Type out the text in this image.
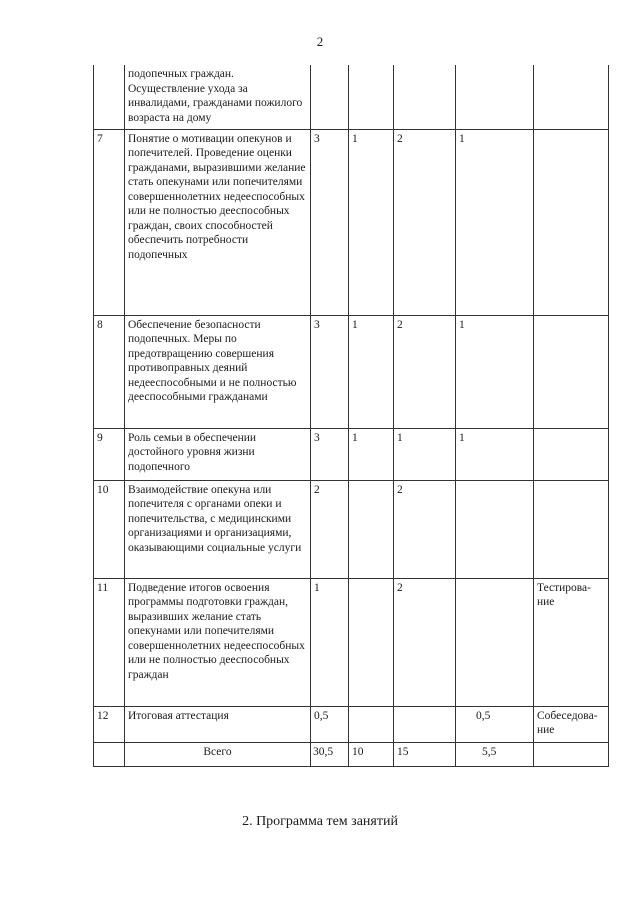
2
	подопечных граждан. Осуществление ухода за инвалидами, гражданами пожилого возраста на дому					
7	Понятие о мотивации опекунов и попечителей. Проведение оценки гражданами, выразившими желание стать опекунами или попечителями совершеннолетних недееспособных или не полностью дееспособных граждан, своих способностей обеспечить потребности подопечных	3	1	2	1	
8	Обеспечение безопасности подопечных. Меры по предотвращению совершения противоправных деяний недееспособными и не полностью дееспособными гражданами	3	1	2	1	
9	Роль семьи в обеспечении достойного уровня жизни подопечного	3	1	1	1	
10	Взаимодействие опекуна или попечителя с органами опеки и попечительства, с медицинскими организациями и организациями, оказывающими социальные услуги	2		2		
11	Подведение итогов освоения программы подготовки граждан, выразивших желание стать опекунами или попечителями совершеннолетних недееспособных или не полностью дееспособных граждан	1		2		Тестирова-ние
12	Итоговая аттестация	0,5			0,5	Собеседова-ние
	Всего	30,5	10	15	5,5	
2. Программа тем занятий
